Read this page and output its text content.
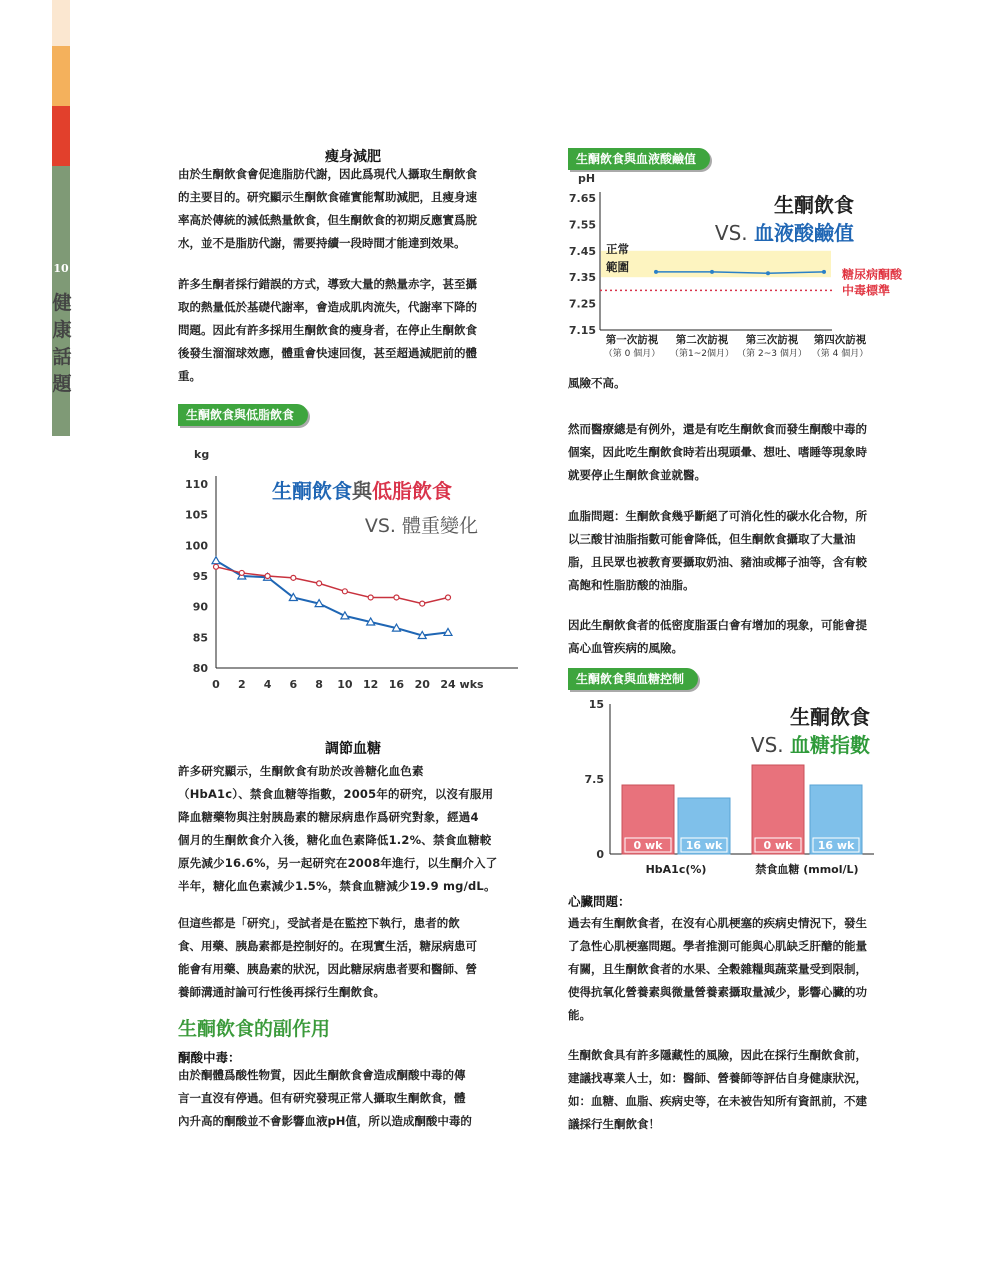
10
健
康
話
題
瘦身減肥
由於生酮飲食會促進脂肪代謝，因此爲現代人攝取生酮飲食
的主要目的。研究顯示生酮飲食確實能幫助減肥，且瘦身速
率高於傳統的減低熱量飲食，但生酮飲食的初期反應實爲脫
水，並不是脂肪代謝，需要持續一段時間才能達到效果。
許多生酮者採行錯誤的方式，導致大量的熱量赤字，甚至攝
取的熱量低於基礎代謝率，會造成肌肉流失，代謝率下降的
問題。因此有許多採用生酮飲食的瘦身者，在停止生酮飲食
後發生溜溜球效應，體重會快速回復，甚至超過減肥前的體
重。
生酮飲食與低脂飲食
kg
110
105
100
95
90
85
80
0 2 4 6 8 10 12 16 20 24 wks
生酮飲食與低脂飲食
VS. 體重變化
調節血糖
許多研究顯示，生酮飲食有助於改善糖化血色素
（HbA1c）、禁食血糖等指數，2005年的研究，以沒有服用
降血糖藥物與注射胰島素的糖尿病患作爲研究對象，經過4
個月的生酮飲食介入後，糖化血色素降低1.2%、禁食血糖較
原先減少16.6%，另一起研究在2008年進行，以生酮介入了
半年，糖化血色素減少1.5%，禁食血糖減少19.9 mg/dL。
但這些都是「研究」，受試者是在監控下執行，患者的飲
食、用藥、胰島素都是控制好的。在現實生活，糖尿病患可
能會有用藥、胰島素的狀況，因此糖尿病患者要和醫師、營
養師溝通討論可行性後再採行生酮飲食。
生酮飲食的副作用
酮酸中毒：
由於酮體爲酸性物質，因此生酮飲食會造成酮酸中毒的傳
言一直沒有停過。但有研究發現正常人攝取生酮飲食，體
內升高的酮酸並不會影響血液pH值，所以造成酮酸中毒的
生酮飲食與血液酸鹼值
pH
7.65
7.55
7.45
7.35
7.25
7.15
正常
範圍
糖尿病酮酸
中毒標準
第一次訪視
（第 0 個月）
第二次訪視
（第1~2個月）
第三次訪視
（第 2~3 個月）
第四次訪視
（第 4 個月）
生酮飲食
VS. 血液酸鹼值
風險不高。
然而醫療總是有例外，還是有吃生酮飲食而發生酮酸中毒的
個案，因此吃生酮飲食時若出現頭暈、想吐、嗜睡等現象時
就要停止生酮飲食並就醫。
血脂問題：生酮飲食幾乎斷絕了可消化性的碳水化合物，所
以三酸甘油脂指數可能會降低，但生酮飲食攝取了大量油
脂，且民眾也被教育要攝取奶油、豬油或椰子油等，含有較
高飽和性脂肪酸的油脂。
因此生酮飲食者的低密度脂蛋白會有增加的現象，可能會提
高心血管疾病的風險。
生酮飲食與血糖控制
15
7.5
0
0 wk 16 wk
HbA1c(%)
0 wk 16 wk
禁食血糖 (mmol/L)
生酮飲食
VS. 血糖指數
心臟問題：
過去有生酮飲食者，在沒有心肌梗塞的疾病史情況下，發生
了急性心肌梗塞問題。學者推測可能與心肌缺乏肝醣的能量
有關，且生酮飲食者的水果、全穀雜糧與蔬菜量受到限制，
使得抗氧化營養素與微量營養素攝取量減少，影響心臟的功
能。
生酮飲食具有許多隱藏性的風險，因此在採行生酮飲食前，
建議找專業人士，如：醫師、營養師等評估自身健康狀況，
如：血糖、血脂、疾病史等，在未被告知所有資訊前，不建
議採行生酮飲食！
